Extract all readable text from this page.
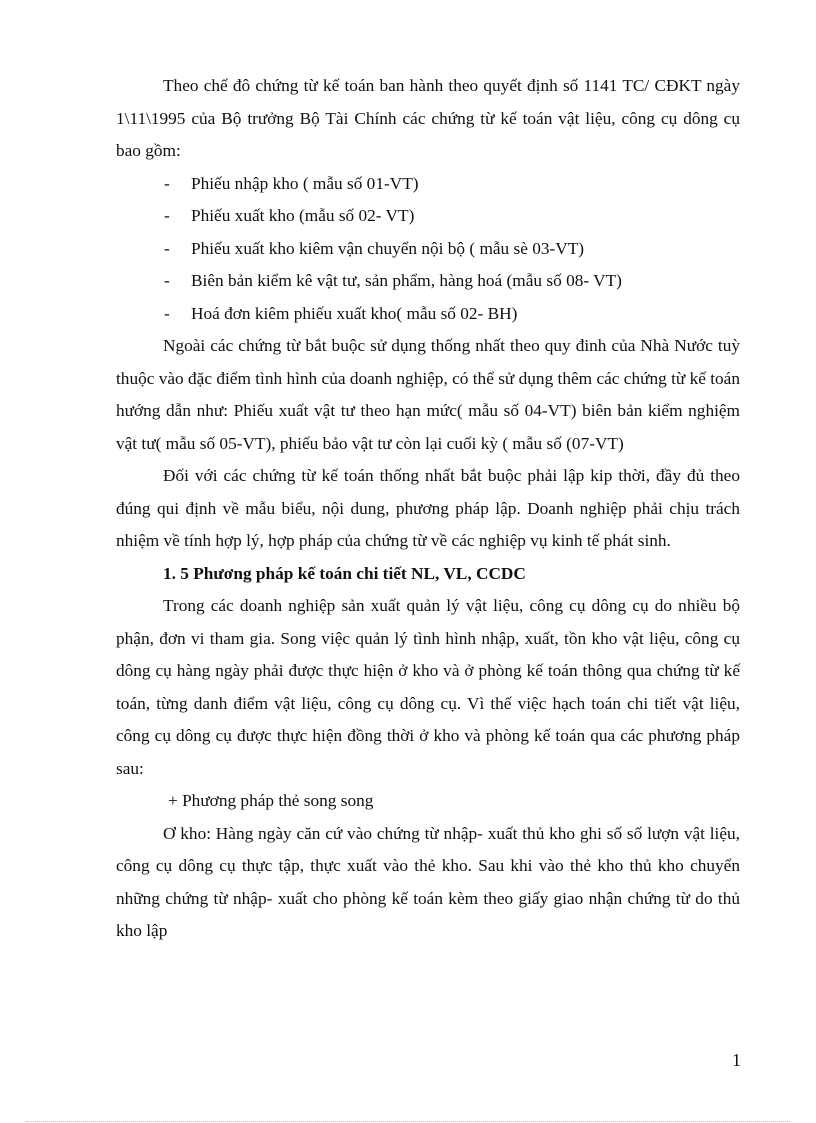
Theo chế đô chứng từ kế toán ban hành theo quyết định số 1141 TC/ CĐKT ngày 1\11\1995 của Bộ trưởng Bộ Tài Chính các chứng từ kế toán vật liệu, công cụ dông cụ bao gồm:

- Phiếu nhập kho ( mẫu số 01-VT)
- Phiếu xuất kho (mẫu số 02- VT)
- Phiếu xuất kho kiêm vận chuyển nội bộ ( mẫu sè 03-VT)
- Biên bản kiểm kê vật tư, sản phẩm, hàng hoá (mẫu số 08- VT)
- Hoá đơn kiêm phiếu xuất kho( mẫu số 02- BH)

Ngoài các chứng từ bắt buộc sử dụng thống nhất theo quy đinh của Nhà Nước tuỳ thuộc vào đặc điểm tình hình của doanh nghiệp, có thể sử dụng thêm các chứng từ kế toán hướng dẫn như: Phiếu xuất vật tư theo hạn mức( mẫu số 04-VT) biên bản kiểm nghiệm vật tư( mẫu số 05-VT), phiếu bảo vật tư còn lại cuối kỳ ( mẫu số (07-VT)

Đối với các chứng từ kế toán thống nhất bắt buộc phải lập kip thời, đầy đủ theo đúng qui định về mẫu biểu, nội dung, phương pháp lập. Doanh nghiệp phải chịu trách nhiệm về tính hợp lý, hợp pháp của chứng từ về các nghiệp vụ kinh tế phát sinh.

1. 5 Phương pháp kế toán chi tiết NL, VL, CCDC

Trong các doanh nghiệp sản xuất quản lý vật liệu, công cụ dông cụ do nhiều bộ phận, đơn vi tham gia. Song việc quản lý tình hình nhập, xuất, tồn kho vật liệu, công cụ dông cụ hàng ngày phải được thực hiện ở kho và ở phòng kế toán thông qua chứng từ kế toán, từng danh điểm vật liệu, công cụ dông cụ. Vì thế việc hạch toán chi tiết vật liệu, công cụ dông cụ được thực hiện đồng thời ở kho và phòng kế toán qua các phương pháp sau:

+ Phương pháp thẻ song song

Ơ kho: Hàng ngày căn cứ vào chứng từ nhập- xuất thủ kho ghi số số lượn vật liệu, công cụ dông cụ thực tập, thực xuất vào thẻ kho. Sau khi vào thẻ kho thủ kho chuyển những chứng từ nhập- xuất cho phòng kế toán kèm theo giấy giao nhận chứng từ do thủ kho lập

1
